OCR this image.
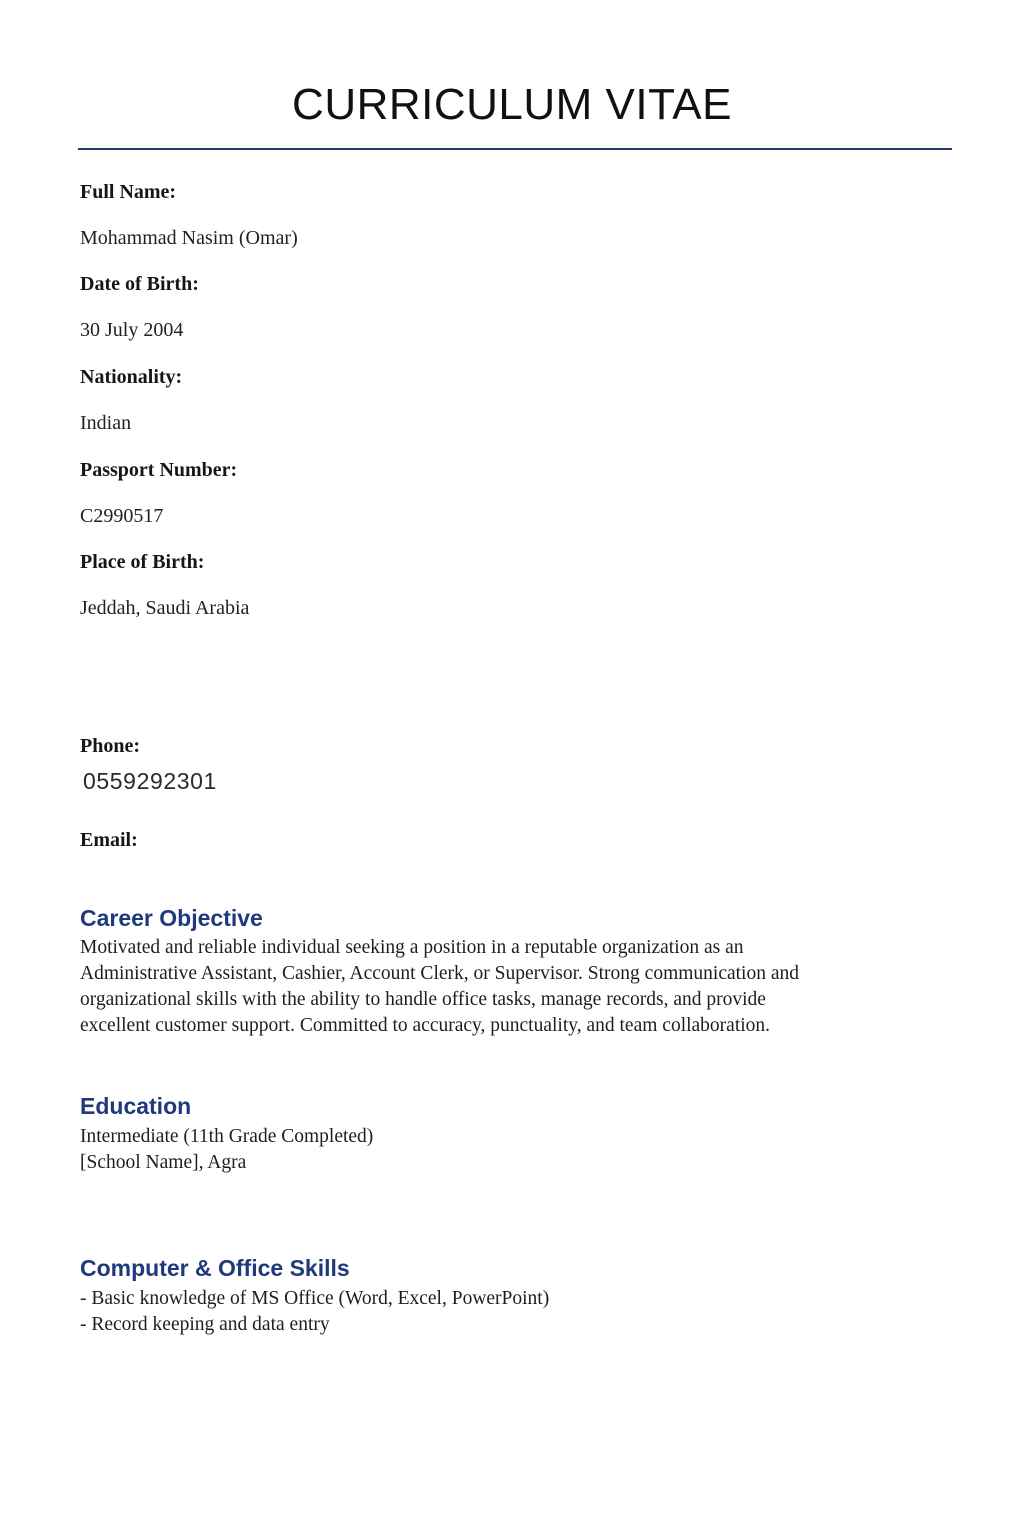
CURRICULUM VITAE
Full Name:
Mohammad Nasim (Omar)
Date of Birth:
30 July 2004
Nationality:
Indian
Passport Number:
C2990517
Place of Birth:
Jeddah, Saudi Arabia
Phone:
0559292301
Email:
Career Objective
Motivated and reliable individual seeking a position in a reputable organization as an
Administrative Assistant, Cashier, Account Clerk, or Supervisor. Strong communication and
organizational skills with the ability to handle office tasks, manage records, and provide
excellent customer support. Committed to accuracy, punctuality, and team collaboration.
Education
Intermediate (11th Grade Completed)
[School Name], Agra
Computer & Office Skills
- Basic knowledge of MS Office (Word, Excel, PowerPoint)
- Record keeping and data entry
